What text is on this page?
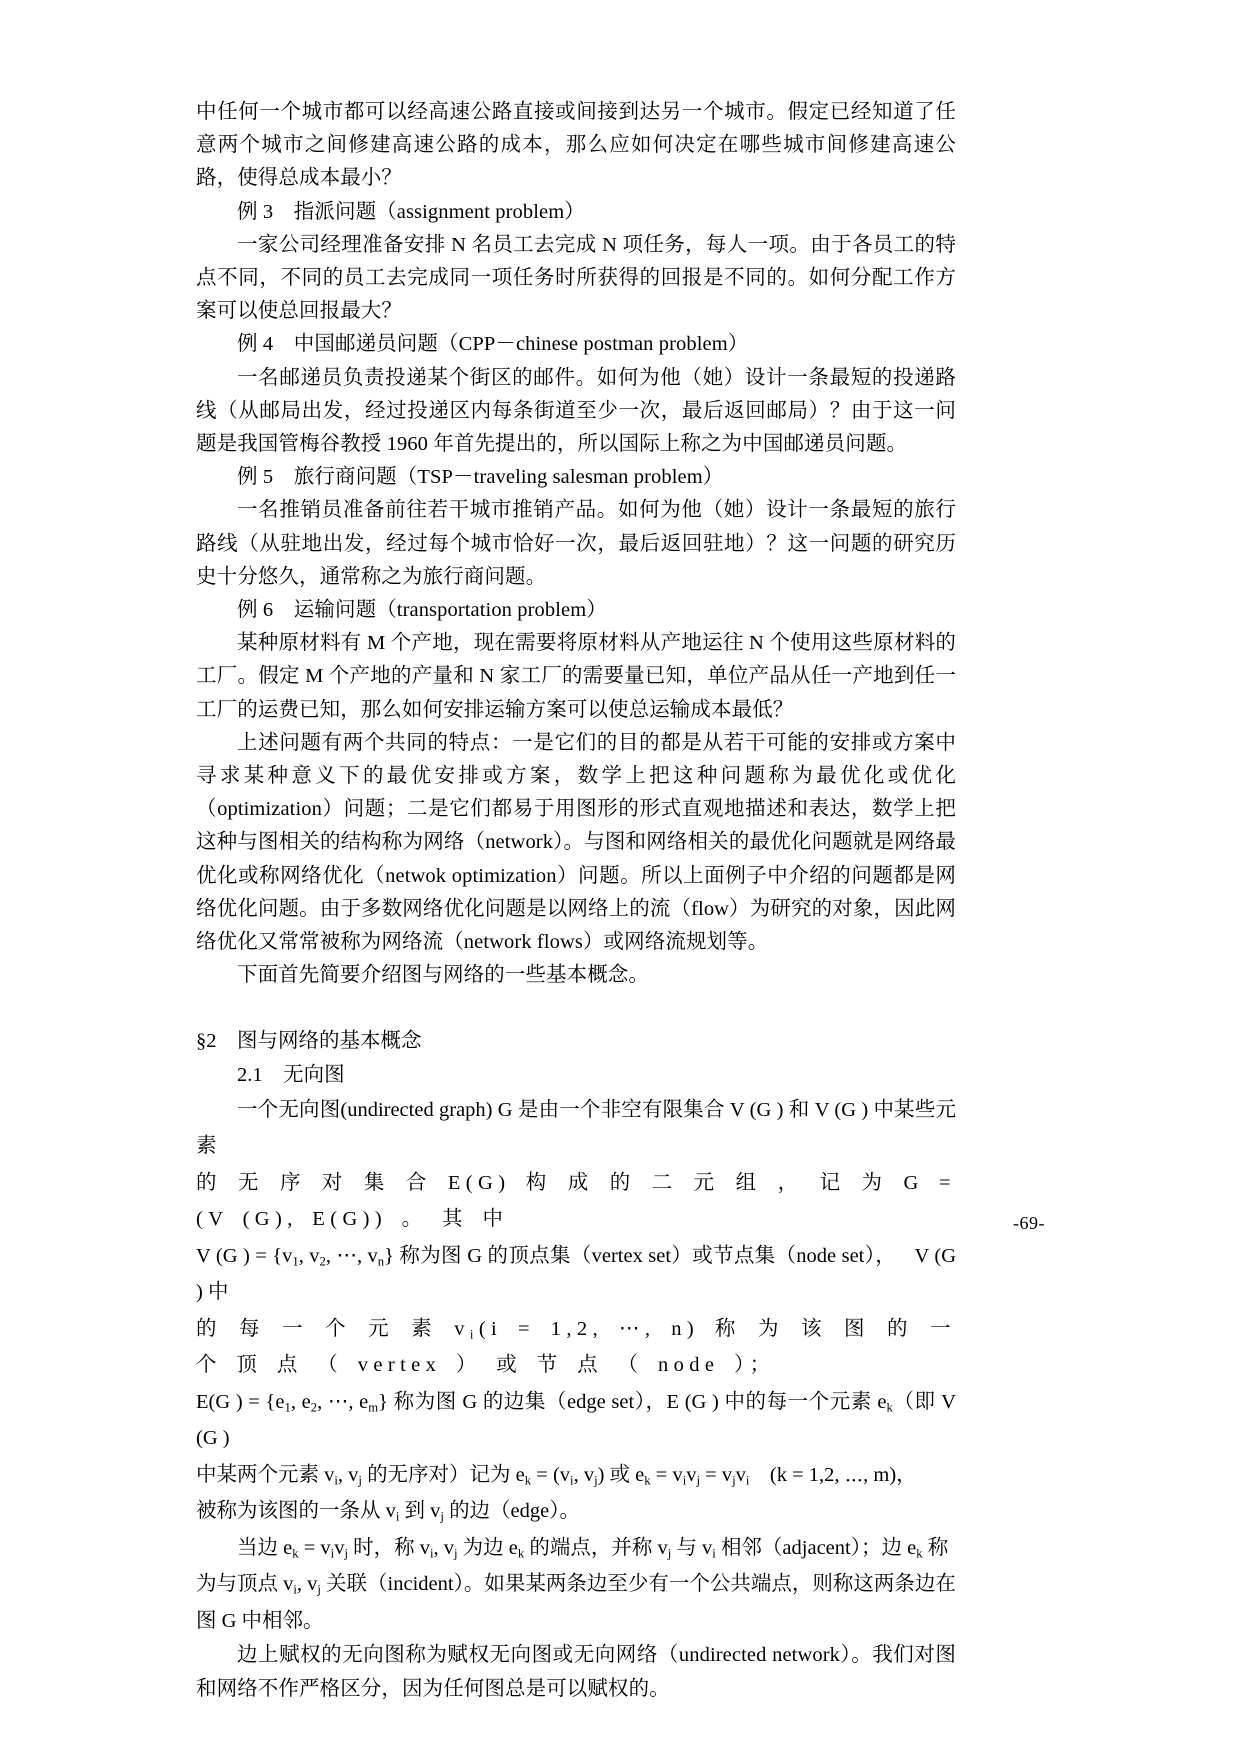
中任何一个城市都可以经高速公路直接或间接到达另一个城市。假定已经知道了任意两个城市之间修建高速公路的成本，那么应如何决定在哪些城市间修建高速公路，使得总成本最小？

例 3　指派问题（assignment problem）

一家公司经理准备安排 N 名员工去完成 N 项任务，每人一项。由于各员工的特点不同，不同的员工去完成同一项任务时所获得的回报是不同的。如何分配工作方案可以使总回报最大？

例 4　中国邮递员问题（CPP－chinese postman problem）

一名邮递员负责投递某个街区的邮件。如何为他（她）设计一条最短的投递路线（从邮局出发，经过投递区内每条街道至少一次，最后返回邮局）？由于这一问题是我国管梅谷教授 1960 年首先提出的，所以国际上称之为中国邮递员问题。

例 5　旅行商问题（TSP－traveling salesman problem）

一名推销员准备前往若干城市推销产品。如何为他（她）设计一条最短的旅行路线（从驻地出发，经过每个城市恰好一次，最后返回驻地）？这一问题的研究历史十分悠久，通常称之为旅行商问题。

例 6　运输问题（transportation problem）

某种原材料有 M 个产地，现在需要将原材料从产地运往 N 个使用这些原材料的工厂。假定 M 个产地的产量和 N 家工厂的需要量已知，单位产品从任一产地到任一工厂的运费已知，那么如何安排运输方案可以使总运输成本最低？

上述问题有两个共同的特点：一是它们的目的都是从若干可能的安排或方案中寻求某种意义下的最优安排或方案，数学上把这种问题称为最优化或优化（optimization）问题；二是它们都易于用图形的形式直观地描述和表达，数学上把这种与图相关的结构称为网络（network）。与图和网络相关的最优化问题就是网络最优化或称网络优化（netwok optimization）问题。所以上面例子中介绍的问题都是网络优化问题。由于多数网络优化问题是以网络上的流（flow）为研究的对象，因此网络优化又常常被称为网络流（network flows）或网络流规划等。

下面首先简要介绍图与网络的一些基本概念。

§2　图与网络的基本概念

2.1　无向图

一个无向图(undirected graph) G 是由一个非空有限集合 V (G ) 和 V (G ) 中某些元素

的 无 序 对 集 合 E(G) 构 成 的 二 元 组 ， 记 为 G = (V (G), E(G)) 。 其 中

V (G ) = {$v_1$, $v_2$, ⋯, $v_n$} 称为图 G 的顶点集（vertex set）或节点集（node set）， V (G ) 中

的 每 一 个 元 素 $v_i(i = 1,2$, ⋯, n) 称 为 该 图 的 一 个 顶 点 （ vertex ） 或 节 点 （ node ）；

E(G ) = {$e_1$, $e_2$, ⋯, $e_m$} 称为图 G 的边集（edge set），E (G ) 中的每一个元素 $e_k$（即 V (G )

中某两个元素 $v_i$, $v_j$ 的无序对）记为 $e_k = (v_i$, $v_j$) 或 $e_k = v_iv_j = v_jv_i$　(k = 1,2, ⋯, m)，

被称为该图的一条从 $v_i$ 到 $v_j$ 的边（edge）。

当边 $e_k = v_iv_j$ 时，称 $v_i$, $v_j$ 为边 $e_k$ 的端点，并称 $v_j$ 与 $v_i$ 相邻（adjacent）；边 $e_k$ 称

为与顶点 $v_i$, $v_j$ 关联（incident）。如果某两条边至少有一个公共端点，则称这两条边在

图 G 中相邻。

边上赋权的无向图称为赋权无向图或无向网络（undirected network）。我们对图和网络不作严格区分，因为任何图总是可以赋权的。

-69-
